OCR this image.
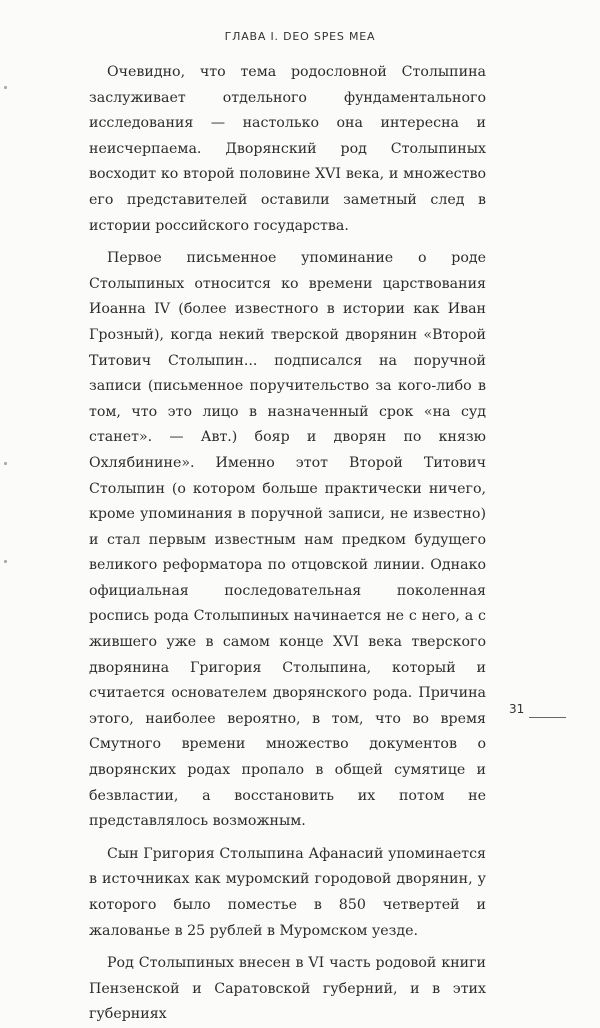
ГЛАВА I. DEO SPES MEA

Очевидно, что тема родословной Столыпина заслуживает отдельного фундаментального исследования — настолько она интересна и неисчерпаема. Дворянский род Столыпиных восходит ко второй половине XVI века, и множество его представителей оставили заметный след в истории российского государства.

Первое письменное упоминание о роде Столыпиных относится ко времени царствования Иоанна IV (более известного в истории как Иван Грозный), когда некий тверской дворянин «Второй Титович Столыпин... подписался на поручной записи (письменное поручительство за кого-либо в том, что это лицо в назначенный срок «на суд станет». — Авт.) бояр и дворян по князю Охлябинине». Именно этот Второй Титович Столыпин (о котором больше практически ничего, кроме упоминания в поручной записи, не известно) и стал первым известным нам предком будущего великого реформатора по отцовской линии. Однако официальная последовательная поколенная роспись рода Столыпиных начинается не с него, а с жившего уже в самом конце XVI века тверского дворянина Григория Столыпина, который и считается основателем дворянского рода. Причина этого, наиболее вероятно, в том, что во время Смутного времени множество документов о дворянских родах пропало в общей сумятице и безвластии, а восстановить их потом не представлялось возможным.

Сын Григория Столыпина Афанасий упоминается в источниках как муромский городовой дворянин, у которого было поместье в 850 четвертей и жалованье в 25 рублей в Муромском уезде.

Род Столыпиных внесен в VI часть родовой книги Пензенской и Саратовской губерний, и в этих губерниях

31
